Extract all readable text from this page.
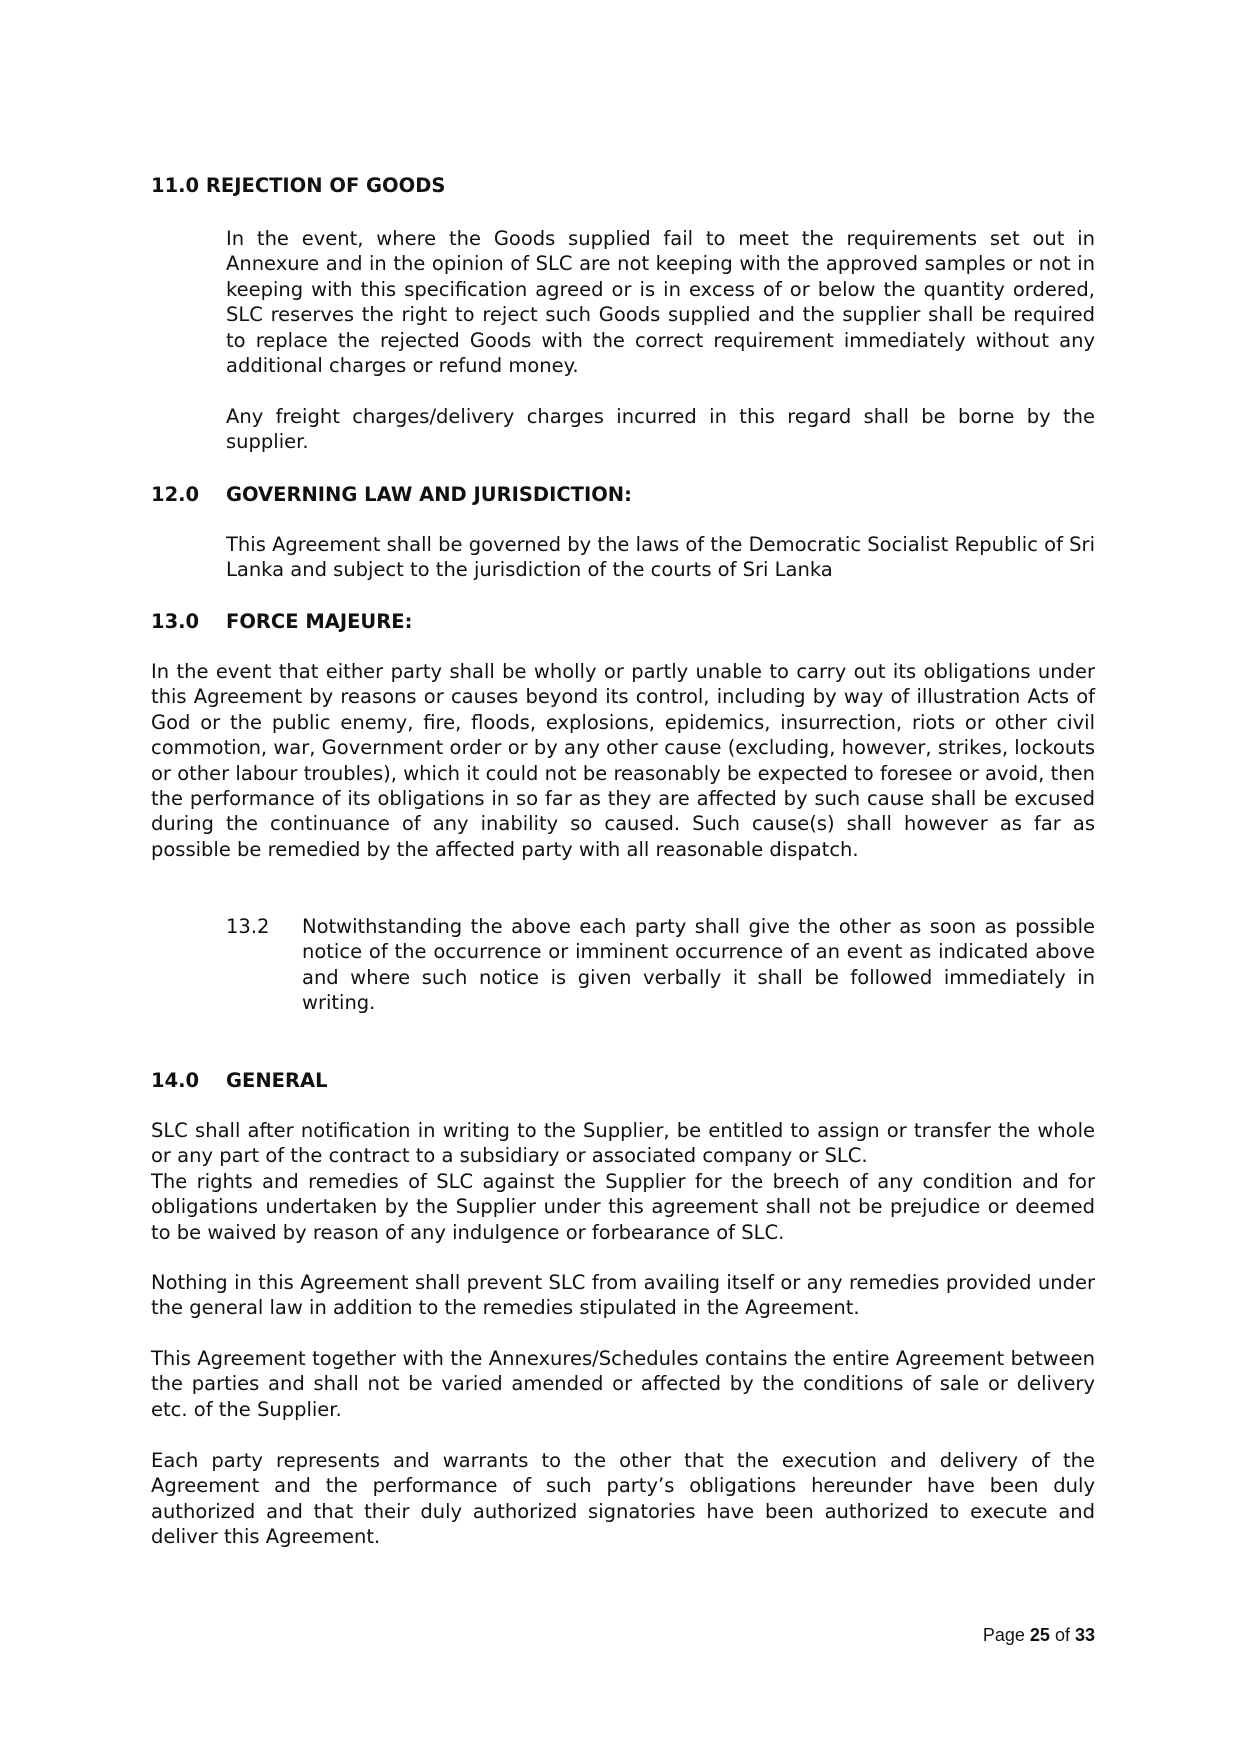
11.0 REJECTION OF GOODS

In the event, where the Goods supplied fail to meet the requirements set out in Annexure and in the opinion of SLC are not keeping with the approved samples or not in keeping with this specification agreed or is in excess of or below the quantity ordered, SLC reserves the right to reject such Goods supplied and the supplier shall be required to replace the rejected Goods with the correct requirement immediately without any additional charges or refund money.

Any freight charges/delivery charges incurred in this regard shall be borne by the supplier.

12.0 GOVERNING LAW AND JURISDICTION:

This Agreement shall be governed by the laws of the Democratic Socialist Republic of Sri Lanka and subject to the jurisdiction of the courts of Sri Lanka

13.0 FORCE MAJEURE:

In the event that either party shall be wholly or partly unable to carry out its obligations under this Agreement by reasons or causes beyond its control, including by way of illustration Acts of God or the public enemy, fire, floods, explosions, epidemics, insurrection, riots or other civil commotion, war, Government order or by any other cause (excluding, however, strikes, lockouts or other labour troubles), which it could not be reasonably be expected to foresee or avoid, then the performance of its obligations in so far as they are affected by such cause shall be excused during the continuance of any inability so caused. Such cause(s) shall however as far as possible be remedied by the affected party with all reasonable dispatch.

13.2 Notwithstanding the above each party shall give the other as soon as possible notice of the occurrence or imminent occurrence of an event as indicated above and where such notice is given verbally it shall be followed immediately in writing.

14.0 GENERAL

SLC shall after notification in writing to the Supplier, be entitled to assign or transfer the whole or any part of the contract to a subsidiary or associated company or SLC.

The rights and remedies of SLC against the Supplier for the breech of any condition and for obligations undertaken by the Supplier under this agreement shall not be prejudice or deemed to be waived by reason of any indulgence or forbearance of SLC.

Nothing in this Agreement shall prevent SLC from availing itself or any remedies provided under the general law in addition to the remedies stipulated in the Agreement.

This Agreement together with the Annexures/Schedules contains the entire Agreement between the parties and shall not be varied amended or affected by the conditions of sale or delivery etc. of the Supplier.

Each party represents and warrants to the other that the execution and delivery of the Agreement and the performance of such party’s obligations hereunder have been duly authorized and that their duly authorized signatories have been authorized to execute and deliver this Agreement.

Page 25 of 33
